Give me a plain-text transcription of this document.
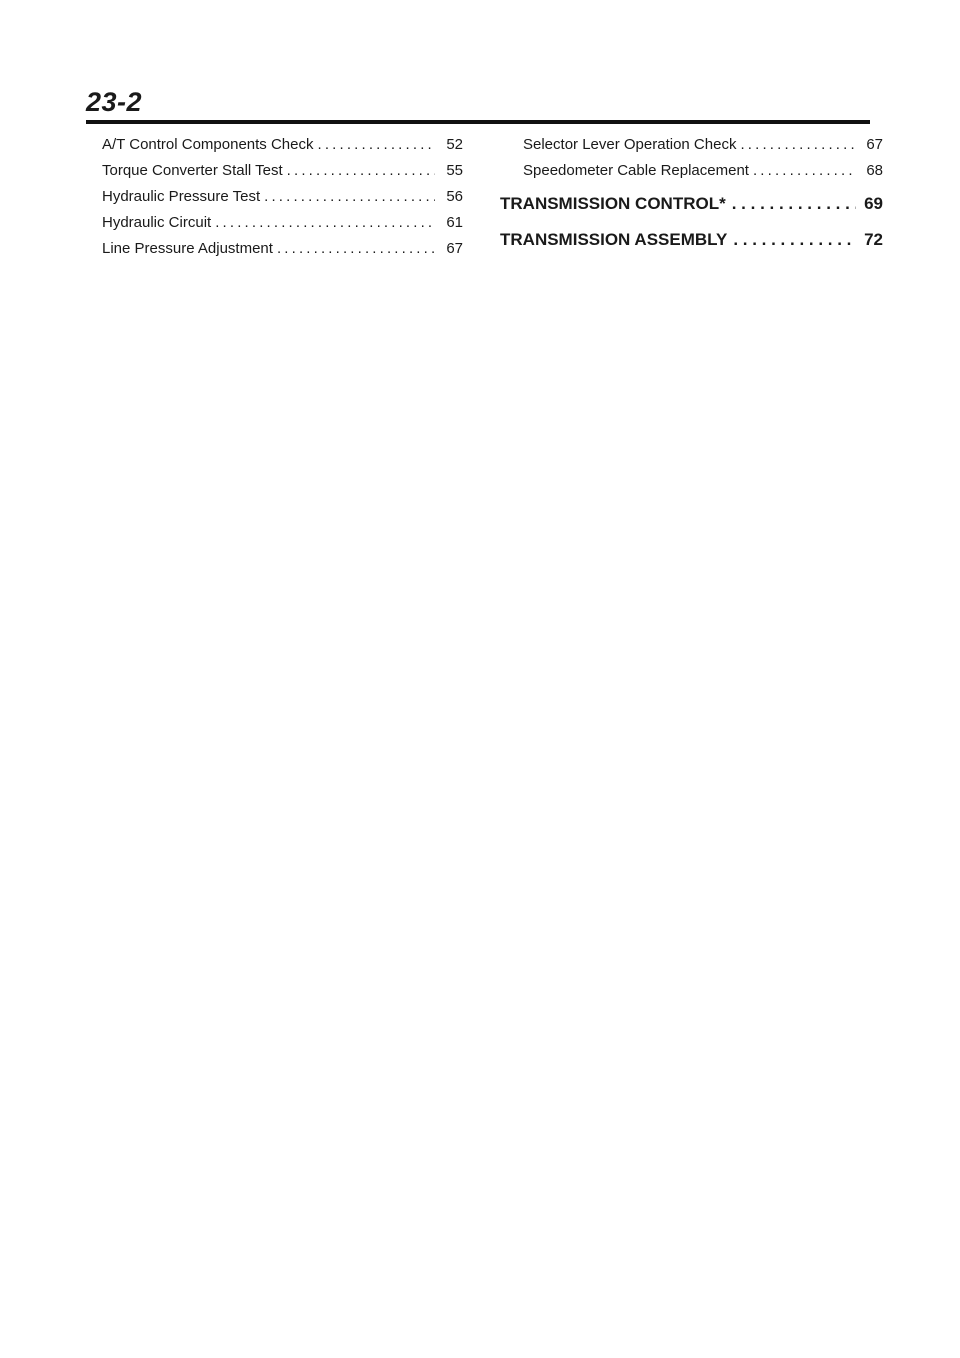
23-2
A/T Control Components Check . . .	52
Torque Converter Stall Test . . .	55
Hydraulic Pressure Test . . .	56
Hydraulic Circuit . . .	61
Line Pressure Adjustment . . .	67
Selector Lever Operation Check . . .	67
Speedometer Cable Replacement . . .	68
TRANSMISSION CONTROL* . . .	69
TRANSMISSION ASSEMBLY . . .	72
